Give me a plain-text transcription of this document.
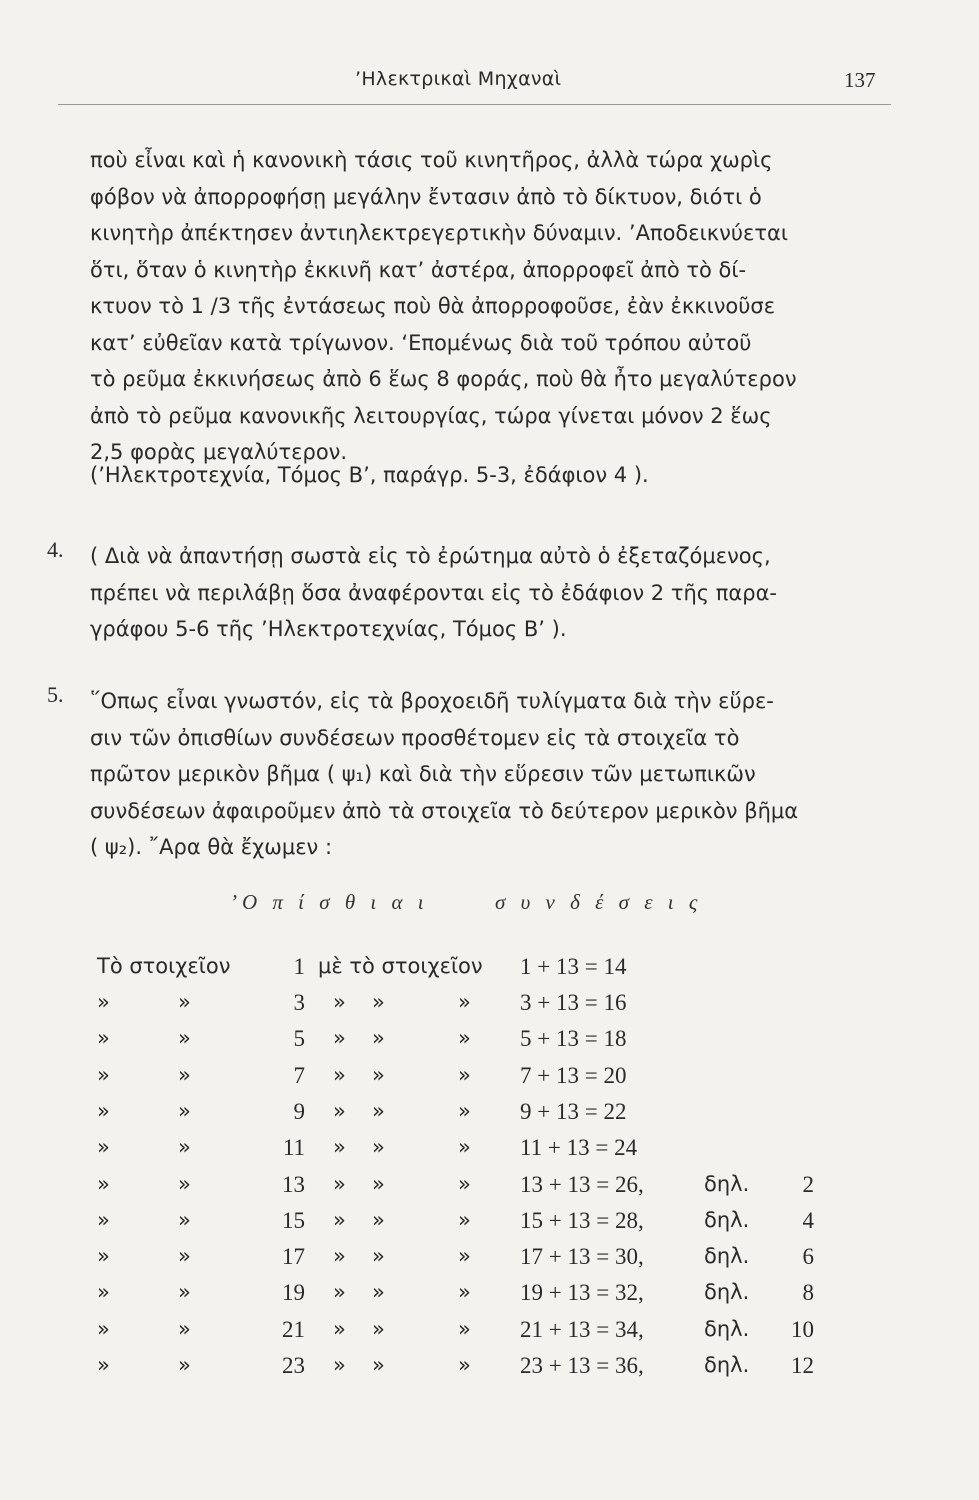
’Ηλεκτρικαὶ Μηχαναὶ	137
ποὺ εἶναι καὶ ἡ κανονικὴ τάσις τοῦ κινητῆρος, ἀλλὰ τώρα χωρὶς
φόβον νὰ ἀπορροφήσῃ μεγάλην ἔντασιν ἀπὸ τὸ δίκτυον, διότι ὁ
κινητὴρ ἀπέκτησεν ἀντιηλεκτρεγερτικὴν δύναμιν. ’Αποδεικνύεται
ὅτι, ὅταν ὁ κινητὴρ ἐκκινῆ κατ’ ἀστέρα, ἀπορροφεῖ ἀπὸ τὸ δί-
κτυον τὸ 1 /3 τῆς ἐντάσεως ποὺ θὰ ἀπορροφοῦσε, ἐὰν ἐκκινοῦσε
κατ’ εὐθεῖαν κατὰ τρίγωνον. ‘Επομένως διὰ τοῦ τρόπου αὐτοῦ
τὸ ρεῦμα ἐκκινήσεως ἀπὸ 6 ἕως 8 φοράς, ποὺ θὰ ἦτο μεγαλύτερον
ἀπὸ τὸ ρεῦμα κανονικῆς λειτουργίας, τώρα γίνεται μόνον 2 ἕως
2,5 φορὰς μεγαλύτερον.
(’Ηλεκτροτεχνία, Τόμος Β’, παράγρ. 5-3, ἐδάφιον 4 ).
4. ( Διὰ νὰ ἀπαντήσῃ σωστὰ εἰς τὸ ἐρώτημα αὐτὸ ὁ ἐξεταζόμενος,
πρέπει νὰ περιλάβῃ ὅσα ἀναφέρονται εἰς τὸ ἐδάφιον 2 τῆς παρα-
γράφου 5-6 τῆς ’Ηλεκτροτεχνίας, Τόμος Β’ ).
5. ῞Οπως εἶναι γνωστόν, εἰς τὰ βροχοειδῆ τυλίγματα διὰ τὴν εὕρε-
σιν τῶν ὀπισθίων συνδέσεων προσθέτομεν εἰς τὰ στοιχεῖα τὸ
πρῶτον μερικὸν βῆμα ( ψ₁) καὶ διὰ τὴν εὕρεσιν τῶν μετωπικῶν
συνδέσεων ἀφαιροῦμεν ἀπὸ τὰ στοιχεῖα τὸ δεύτερον μερικὸν βῆμα
( ψ₂). ῎Αρα θὰ ἔχωμεν :
’Ο π ί σ θ ι α ι	σ υ ν δ έ σ ε ι ς
Τὸ στοιχεῖον	1 μὲ τὸ στοιχεῖον 1 + 13 = 14
»	»	3 » »	» 3 + 13 = 16
»	»	5 » »	» 5 + 13 = 18
»	»	7 » »	» 7 + 13 = 20
»	»	9 » »	» 9 + 13 = 22
»	»	11 » »	» 11 + 13 = 24
»	»	13 » »	» 13 + 13 = 26,	δηλ.	2
»	»	15 » »	» 15 + 13 = 28,	δηλ.	4
»	»	17 » »	» 17 + 13 = 30,	δηλ.	6
»	»	19 » »	» 19 + 13 = 32,	δηλ.	8
»	»	21 » »	» 21 + 13 = 34,	δηλ.	10
»	»	23 » »	» 23 + 13 = 36,	δηλ.	12
